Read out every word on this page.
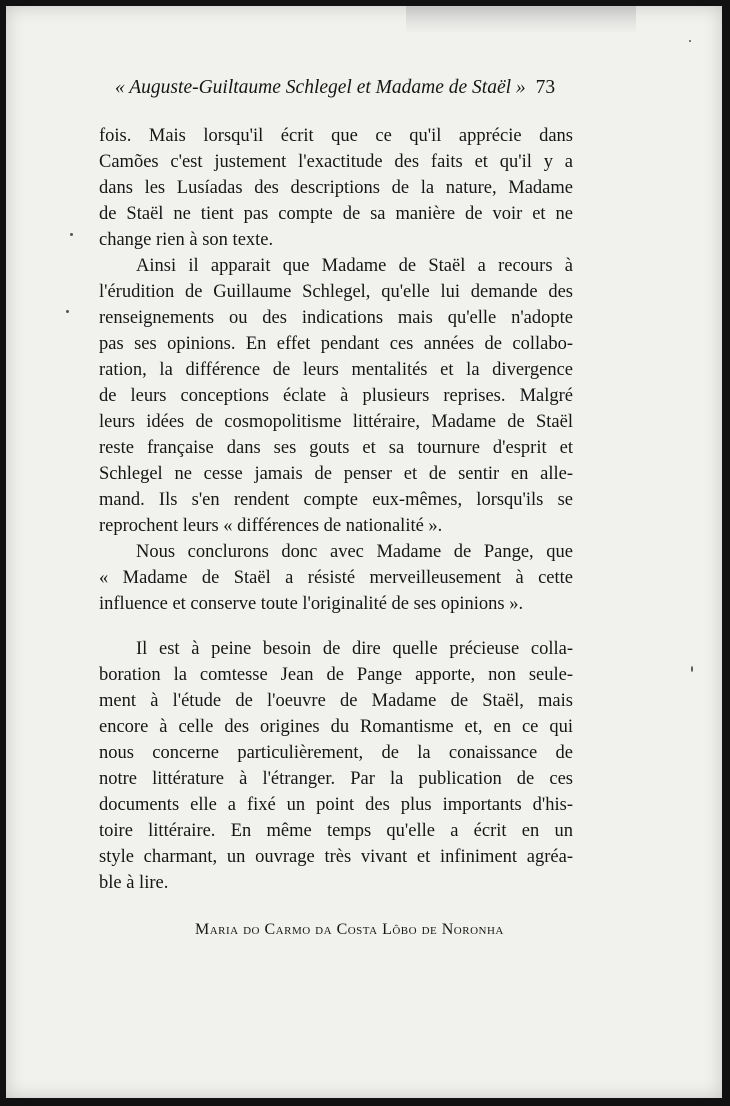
« Auguste-Guiltaume Schlegel et Madame de Staël » 73
fois. Mais lorsqu'il écrit que ce qu'il apprécie dans
Camões c'est justement l'exactitude des faits et qu'il y a
dans les Lusíadas des descriptions de la nature, Madame
de Staël ne tient pas compte de sa manière de voir et ne
change rien à son texte.
Ainsi il apparait que Madame de Staël a recours à
l'érudition de Guillaume Schlegel, qu'elle lui demande des
renseignements ou des indications mais qu'elle n'adopte
pas ses opinions. En effet pendant ces années de collabo-
ration, la différence de leurs mentalités et la divergence
de leurs conceptions éclate à plusieurs reprises. Malgré
leurs idées de cosmopolitisme littéraire, Madame de Staël
reste française dans ses gouts et sa tournure d'esprit et
Schlegel ne cesse jamais de penser et de sentir en alle-
mand. Ils s'en rendent compte eux-mêmes, lorsqu'ils se
reprochent leurs « différences de nationalité ».
Nous conclurons donc avec Madame de Pange, que
« Madame de Staël a résisté merveilleusement à cette
influence et conserve toute l'originalité de ses opinions ».
Il est à peine besoin de dire quelle précieuse colla-
boration la comtesse Jean de Pange apporte, non seule-
ment à l'étude de l'oeuvre de Madame de Staël, mais
encore à celle des origines du Romantisme et, en ce qui
nous concerne particulièrement, de la conaissance de
notre littérature à l'étranger. Par la publication de ces
documents elle a fixé un point des plus importants d'his-
toire littéraire. En même temps qu'elle a écrit en un
style charmant, un ouvrage très vivant et infiniment agréa-
ble à lire.
Maria do Carmo da Costa Lôbo de Noronha
